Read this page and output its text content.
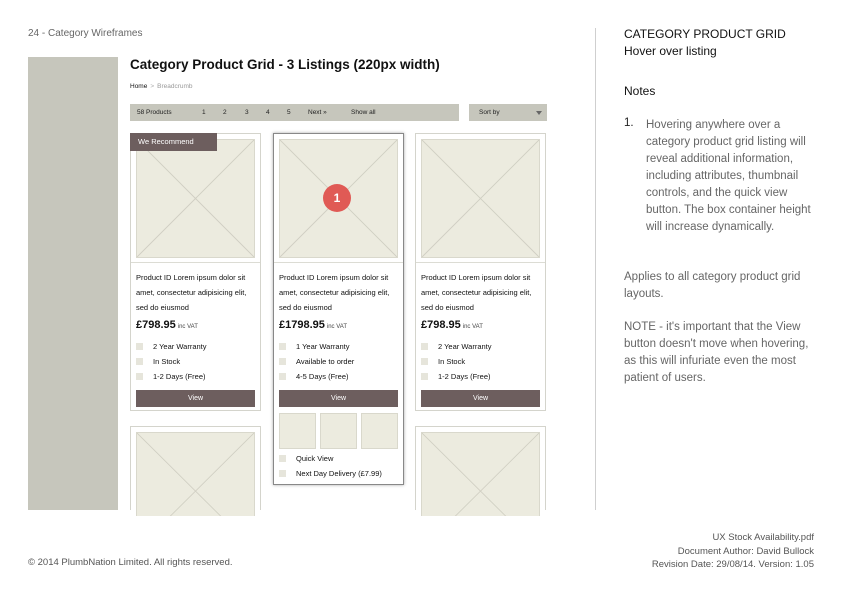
24 - Category Wireframes
Category Product Grid - 3 Listings (220px width)
Home > Breadcrumb
58 Products	1	2	3	4	5	Next »	Show all	Sort by
Product ID Lorem ipsum dolor sit amet, consectetur adipisicing elit, sed do eiusmod
£798.95 inc VAT
2 Year Warranty
In Stock
1-2 Days (Free)
View
Product ID Lorem ipsum dolor sit amet, consectetur adipisicing elit, sed do eiusmod
£1798.95 inc VAT
1 Year Warranty
Available to order
4-5 Days (Free)
View
Quick View
Next Day Delivery (£7.99)
Product ID Lorem ipsum dolor sit amet, consectetur adipisicing elit, sed do eiusmod
£798.95 inc VAT
2 Year Warranty
In Stock
1-2 Days (Free)
View
We Recommend
1
CATEGORY PRODUCT GRID
Hover over listing
Notes
1. Hovering anywhere over a category product grid listing will reveal additional information, including attributes, thumbnail controls, and the quick view button. The box container height will increase dynamically.
Applies to all category product grid layouts.
NOTE - it's important that the View button doesn't move when hovering, as this will infuriate even the most patient of users.
© 2014 PlumbNation Limited. All rights reserved.
UX Stock Availability.pdf
Document Author: David Bullock
Revision Date: 29/08/14. Version: 1.05
